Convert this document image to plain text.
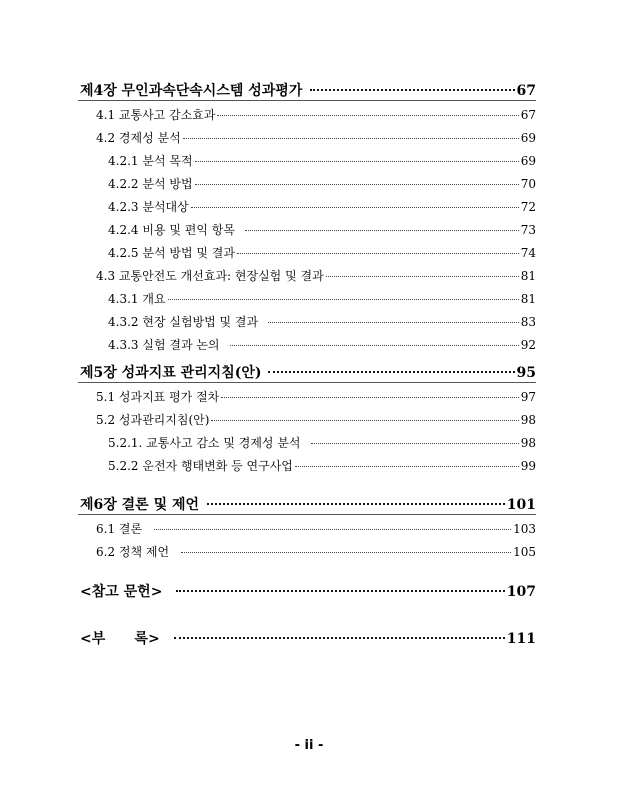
제4장 무인과속단속시스템 성과평가	67
4.1 교통사고 감소효과	67
4.2 경제성 분석	69
4.2.1 분석 목적	69
4.2.2 분석 방법	70
4.2.3 분석대상	72
4.2.4 비용 및 편익 항목	73
4.2.5 분석 방법 및 결과	74
4.3 교통안전도 개선효과: 현장실험 및 결과	81
4.3.1 개요	81
4.3.2 현장 실험방법 및 결과	83
4.3.3 실험 결과 논의	92
제5장 성과지표 관리지침(안)	95
5.1 성과지표 평가 절차	97
5.2 성과관리지침(안)	98
5.2.1. 교통사고 감소 및 경제성 분석	98
5.2.2 운전자 행태변화 등 연구사업	99
제6장 결론 및 제언	101
6.1 결론	103
6.2 정책 제언	105
<참고 문헌>	107
<부      록>	111
- ii -
